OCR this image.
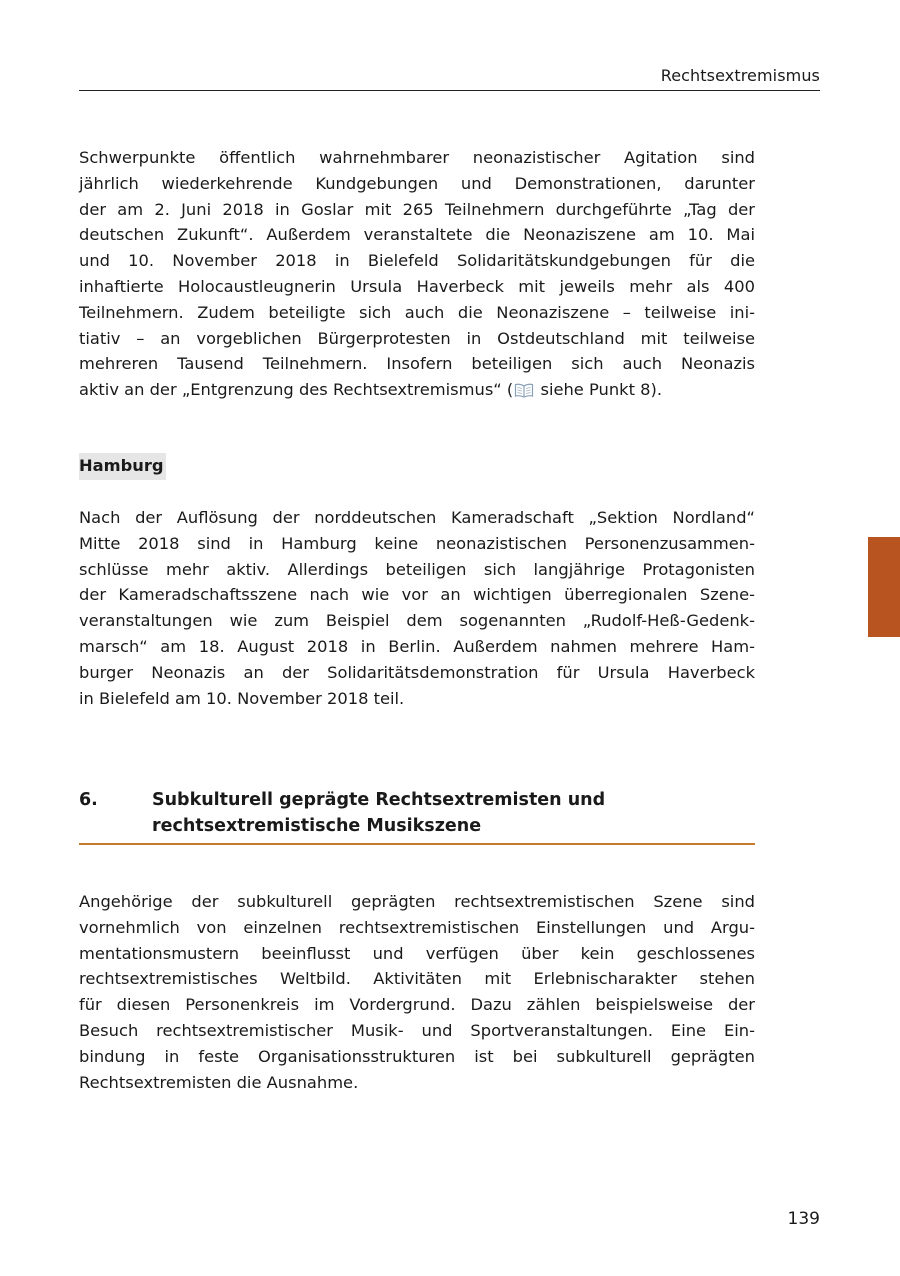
Rechtsextremismus
Schwerpunkte öffentlich wahrnehmbarer neonazistischer Agitation sind
jährlich wiederkehrende Kundgebungen und Demonstrationen, darunter
der am 2. Juni 2018 in Goslar mit 265 Teilnehmern durchgeführte „Tag der
deutschen Zukunft“. Außerdem veranstaltete die Neonaziszene am 10. Mai
und 10. November 2018 in Bielefeld Solidaritätskundgebungen für die
inhaftierte Holocaustleugnerin Ursula Haverbeck mit jeweils mehr als 400
Teilnehmern. Zudem beteiligte sich auch die Neonaziszene – teilweise ini-
tiativ – an vorgeblichen Bürgerprotesten in Ostdeutschland mit teilweise
mehreren Tausend Teilnehmern. Insofern beteiligen sich auch Neonazis
aktiv an der „Entgrenzung des Rechtsextremismus“ ( siehe Punkt 8).
Hamburg
Nach der Auflösung der norddeutschen Kameradschaft „Sektion Nordland“
Mitte 2018 sind in Hamburg keine neonazistischen Personenzusammen-
schlüsse mehr aktiv. Allerdings beteiligen sich langjährige Protagonisten
der Kameradschaftsszene nach wie vor an wichtigen überregionalen Szene-
veranstaltungen wie zum Beispiel dem sogenannten „Rudolf-Heß-Gedenk-
marsch“ am 18. August 2018 in Berlin. Außerdem nahmen mehrere Ham-
burger Neonazis an der Solidaritätsdemonstration für Ursula Haverbeck
in Bielefeld am 10. November 2018 teil.
6.	Subkulturell geprägte Rechtsextremisten und
rechtsextremistische Musikszene
Angehörige der subkulturell geprägten rechtsextremistischen Szene sind
vornehmlich von einzelnen rechtsextremistischen Einstellungen und Argu-
mentationsmustern beeinflusst und verfügen über kein geschlossenes
rechtsextremistisches Weltbild. Aktivitäten mit Erlebnischarakter stehen
für diesen Personenkreis im Vordergrund. Dazu zählen beispielsweise der
Besuch rechtsextremistischer Musik- und Sportveranstaltungen. Eine Ein-
bindung in feste Organisationsstrukturen ist bei subkulturell geprägten
Rechtsextremisten die Ausnahme.
139
